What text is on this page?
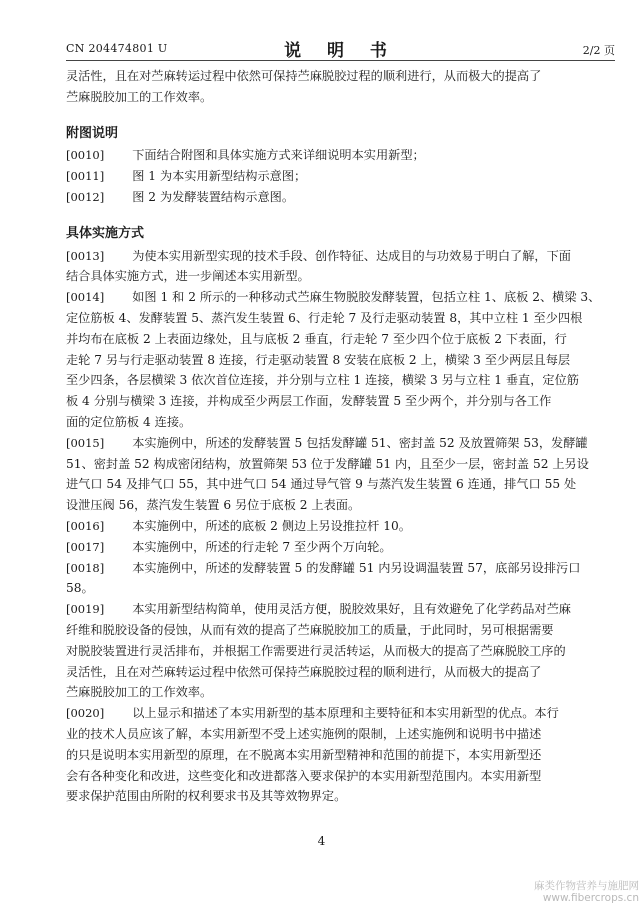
CN 204474801 U	说 明 书	2/2 页
灵活性，且在对苎麻转运过程中依然可保持苎麻脱胶过程的顺利进行，从而极大的提高了
苎麻脱胶加工的工作效率。
附图说明
[0010] 下面结合附图和具体实施方式来详细说明本实用新型；
[0011] 图 1 为本实用新型结构示意图；
[0012] 图 2 为发酵装置结构示意图。
具体实施方式
[0013] 为使本实用新型实现的技术手段、创作特征、达成目的与功效易于明白了解，下面
结合具体实施方式，进一步阐述本实用新型。
[0014] 如图 1 和 2 所示的一种移动式苎麻生物脱胶发酵装置，包括立柱 1、底板 2、横梁 3、
定位筋板 4、发酵装置 5、蒸汽发生装置 6、行走轮 7 及行走驱动装置 8，其中立柱 1 至少四根
并均布在底板 2 上表面边缘处，且与底板 2 垂直，行走轮 7 至少四个位于底板 2 下表面，行
走轮 7 另与行走驱动装置 8 连接，行走驱动装置 8 安装在底板 2 上，横梁 3 至少两层且每层
至少四条，各层横梁 3 依次首位连接，并分别与立柱 1 连接，横梁 3 另与立柱 1 垂直，定位筋
板 4 分别与横梁 3 连接，并构成至少两层工作面，发酵装置 5 至少两个，并分别与各工作
面的定位筋板 4 连接。
[0015] 本实施例中，所述的发酵装置 5 包括发酵罐 51、密封盖 52 及放置筛架 53，发酵罐
51、密封盖 52 构成密闭结构，放置筛架 53 位于发酵罐 51 内，且至少一层，密封盖 52 上另设
进气口 54 及排气口 55，其中进气口 54 通过导气管 9 与蒸汽发生装置 6 连通，排气口 55 处
设泄压阀 56，蒸汽发生装置 6 另位于底板 2 上表面。
[0016] 本实施例中，所述的底板 2 侧边上另设推拉杆 10。
[0017] 本实施例中，所述的行走轮 7 至少两个万向轮。
[0018] 本实施例中，所述的发酵装置 5 的发酵罐 51 内另设调温装置 57，底部另设排污口
58。
[0019] 本实用新型结构简单，使用灵活方便，脱胶效果好，且有效避免了化学药品对苎麻
纤维和脱胶设备的侵蚀，从而有效的提高了苎麻脱胶加工的质量，于此同时，另可根据需要
对脱胶装置进行灵活排布，并根据工作需要进行灵活转运，从而极大的提高了苎麻脱胶工序的
灵活性，且在对苎麻转运过程中依然可保持苎麻脱胶过程的顺利进行，从而极大的提高了
苎麻脱胶加工的工作效率。
[0020] 以上显示和描述了本实用新型的基本原理和主要特征和本实用新型的优点。本行
业的技术人员应该了解，本实用新型不受上述实施例的限制，上述实施例和说明书中描述
的只是说明本实用新型的原理，在不脱离本实用新型精神和范围的前提下，本实用新型还
会有各种变化和改进，这些变化和改进都落入要求保护的本实用新型范围内。本实用新型
要求保护范围由所附的权利要求书及其等效物界定。
4
麻类作物营养与施肥网
www.fibercrops.cn
